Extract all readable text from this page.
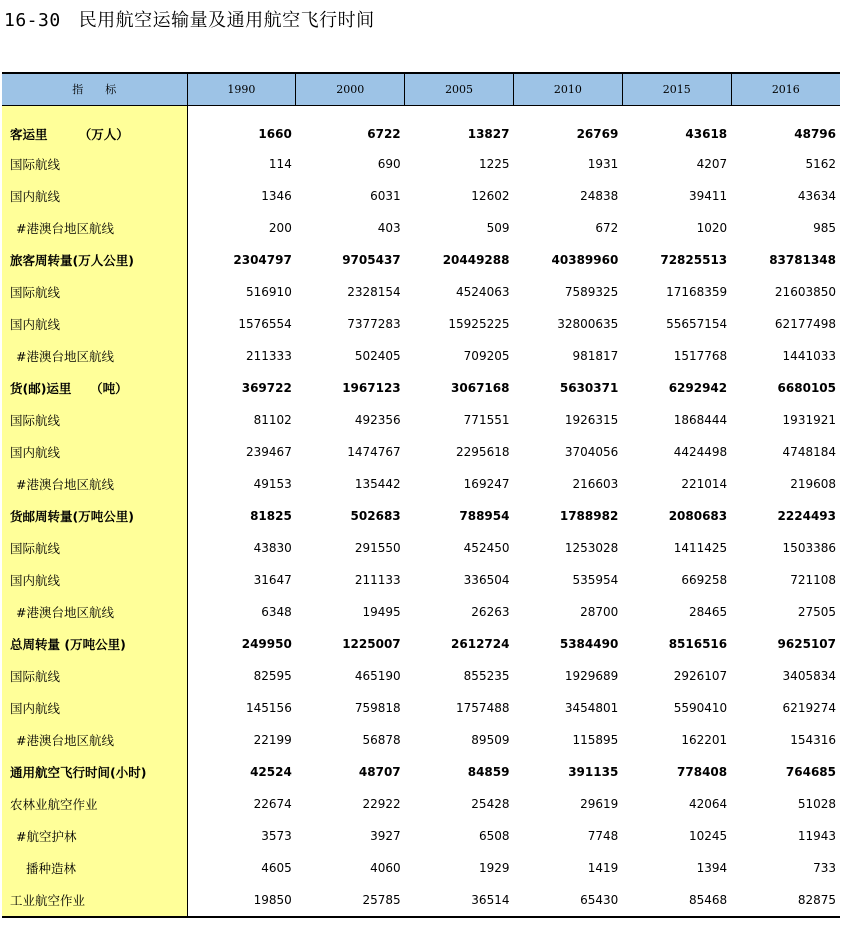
16-30 民用航空运输量及通用航空飞行时间
指　　标	1990	2000	2005	2010	2015	2016

客运里　　　（万人）	1660	6722	13827	26769	43618	48796
国际航线	114	690	1225	1931	4207	5162
国内航线	1346	6031	12602	24838	39411	43634
#港澳台地区航线	200	403	509	672	1020	985
旅客周转量(万人公里)	2304797	9705437	20449288	40389960	72825513	83781348
国际航线	516910	2328154	4524063	7589325	17168359	21603850
国内航线	1576554	7377283	15925225	32800635	55657154	62177498
#港澳台地区航线	211333	502405	709205	981817	1517768	1441033
货(邮)运里　　（吨）	369722	1967123	3067168	5630371	6292942	6680105
国际航线	81102	492356	771551	1926315	1868444	1931921
国内航线	239467	1474767	2295618	3704056	4424498	4748184
#港澳台地区航线	49153	135442	169247	216603	221014	219608
货邮周转量(万吨公里)	81825	502683	788954	1788982	2080683	2224493
国际航线	43830	291550	452450	1253028	1411425	1503386
国内航线	31647	211133	336504	535954	669258	721108
#港澳台地区航线	6348	19495	26263	28700	28465	27505
总周转量 (万吨公里)	249950	1225007	2612724	5384490	8516516	9625107
国际航线	82595	465190	855235	1929689	2926107	3405834
国内航线	145156	759818	1757488	3454801	5590410	6219274
#港澳台地区航线	22199	56878	89509	115895	162201	154316
通用航空飞行时间(小时)	42524	48707	84859	391135	778408	764685
农林业航空作业	22674	22922	25428	29619	42064	51028
#航空护林	3573	3927	6508	7748	10245	11943
播种造林	4605	4060	1929	1419	1394	733
工业航空作业	19850	25785	36514	65430	85468	82875
